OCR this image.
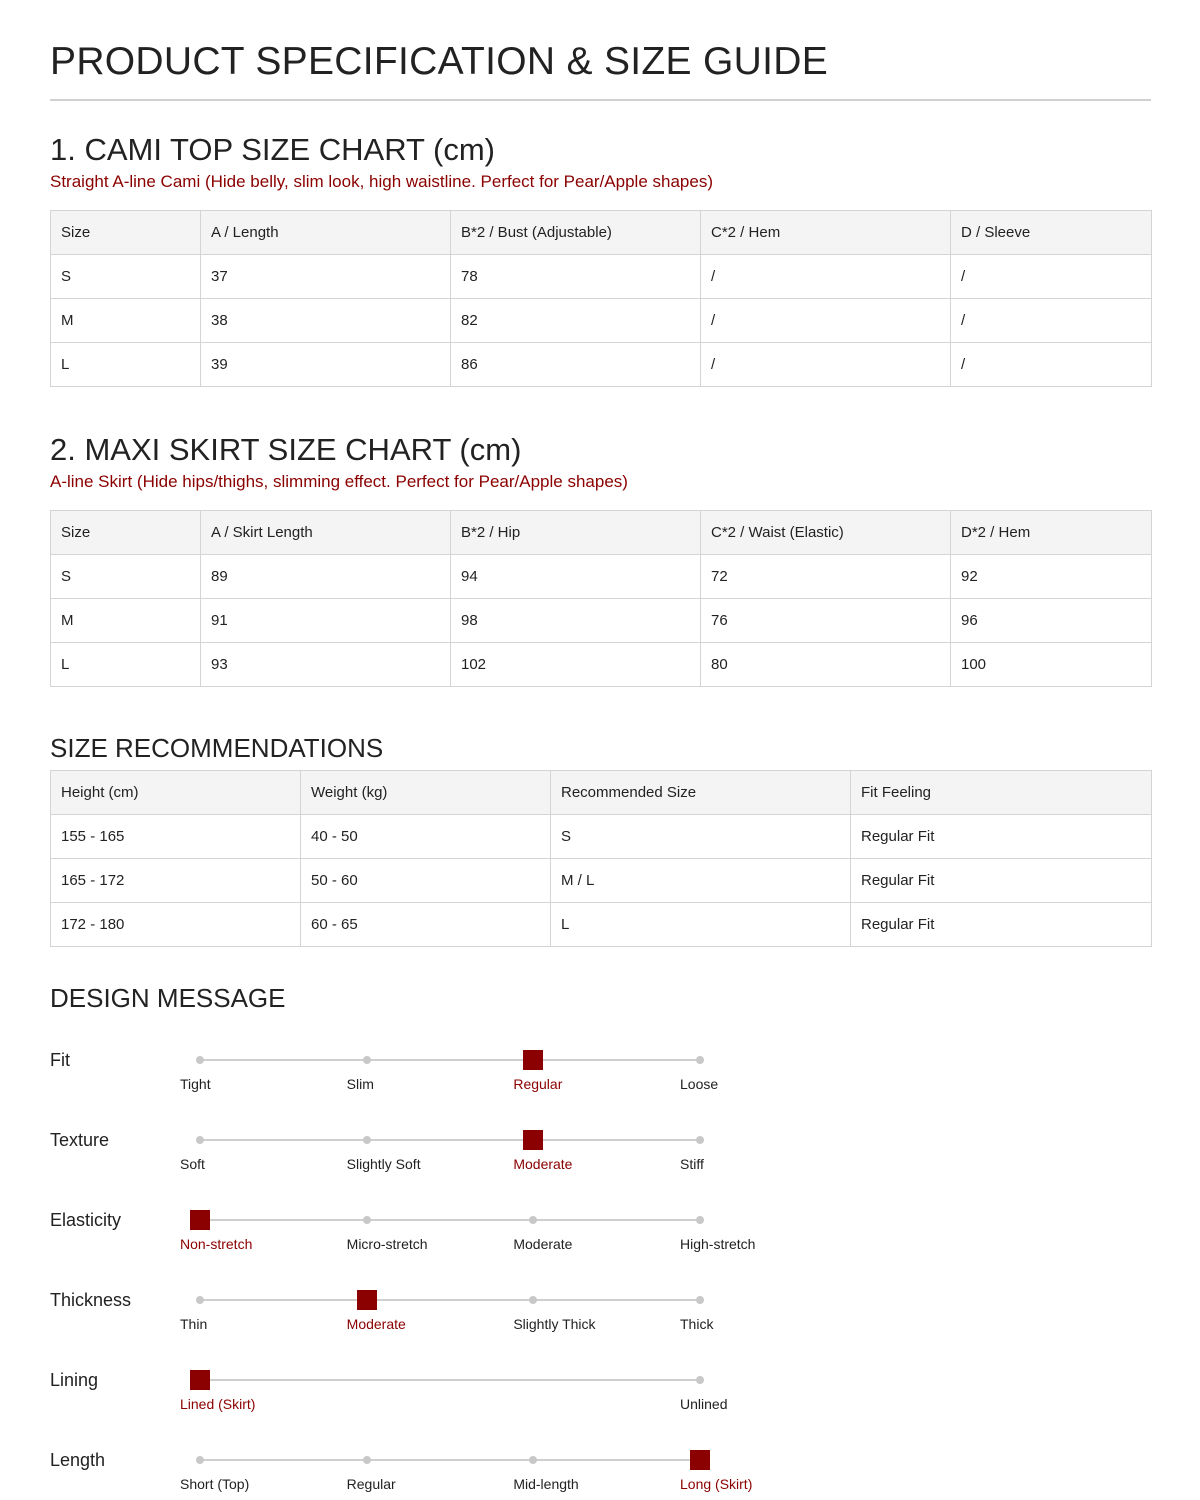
PRODUCT SPECIFICATION & SIZE GUIDE
1. CAMI TOP SIZE CHART (cm)

Straight A-line Cami (Hide belly, slim look, high waistline. Perfect for Pear/Apple shapes)

Size	A / Length	B*2 / Bust (Adjustable)	C*2 / Hem	D / Sleeve
S	37	78	/	/
M	38	82	/	/
L	39	86	/	/
2. MAXI SKIRT SIZE CHART (cm)

A-line Skirt (Hide hips/thighs, slimming effect. Perfect for Pear/Apple shapes)

Size	A / Skirt Length	B*2 / Hip	C*2 / Waist (Elastic)	D*2 / Hem
S	89	94	72	92
M	91	98	76	96
L	93	102	80	100
SIZE RECOMMENDATIONS
Height (cm)	Weight (kg)	Recommended Size	Fit Feeling
155 - 165	40 - 50	S	Regular Fit
165 - 172	50 - 60	M / L	Regular Fit
172 - 180	60 - 65	L	Regular Fit
DESIGN MESSAGE
Fit
Tight	Slim	Regular	Loose
Texture
Soft	Slightly Soft	Moderate	Stiff
Elasticity
Non-stretch	Micro-stretch	Moderate	High-stretch
Thickness
Thin	Moderate	Slightly Thick	Thick
Lining
Lined (Skirt)	Unlined
Length
Short (Top)	Regular	Mid-length	Long (Skirt)
